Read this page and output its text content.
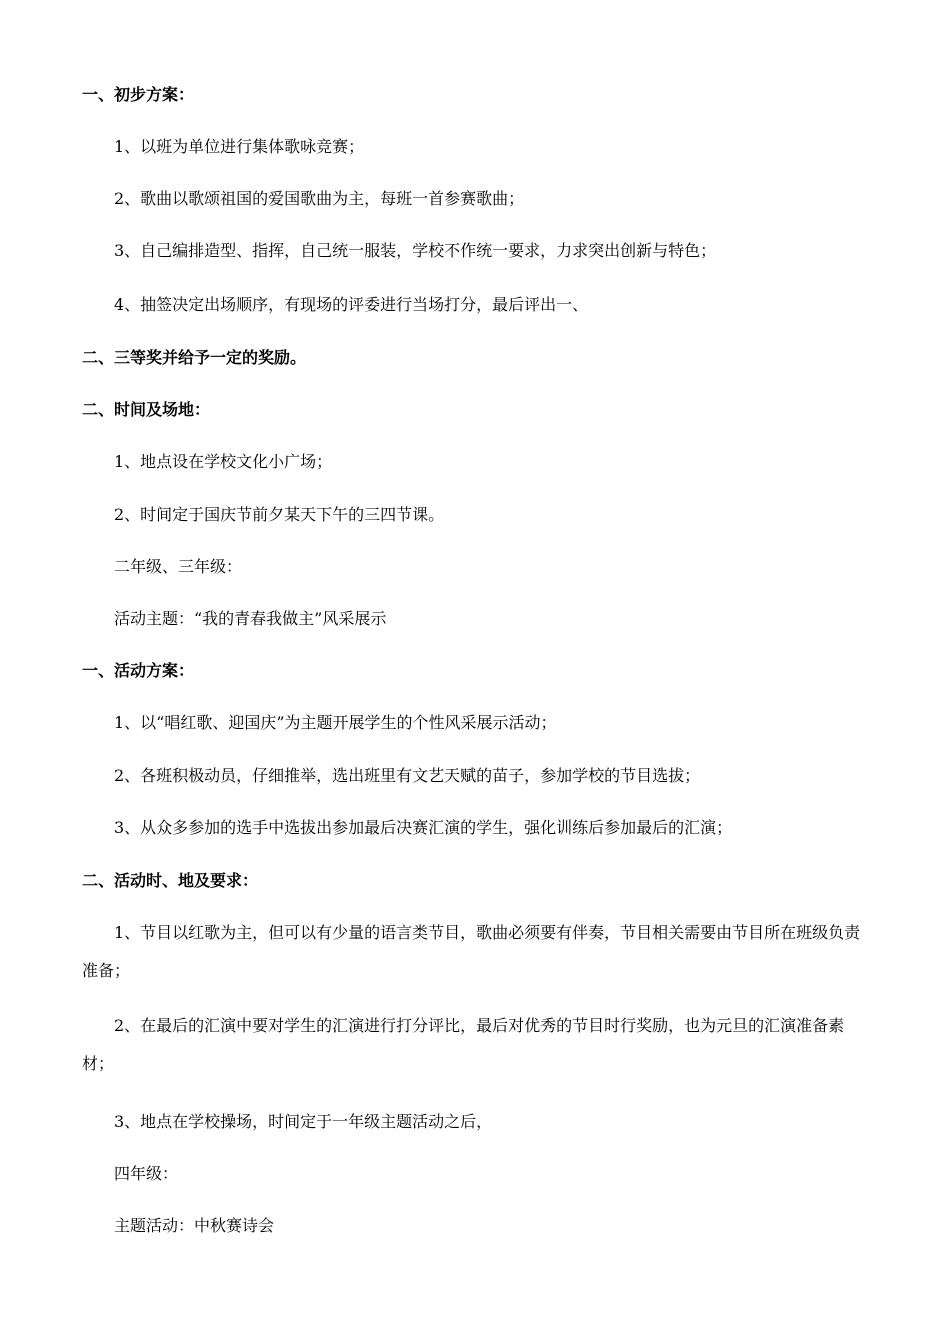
一、初步方案：
1、以班为单位进行集体歌咏竞赛；
2、歌曲以歌颂祖国的爱国歌曲为主，每班一首参赛歌曲；
3、自己编排造型、指挥，自己统一服装，学校不作统一要求，力求突出创新与特色；
4、抽签决定出场顺序，有现场的评委进行当场打分，最后评出一、
二、三等奖并给予一定的奖励。
二、时间及场地：
1、地点设在学校文化小广场；
2、时间定于国庆节前夕某天下午的三四节课。
二年级、三年级：
活动主题：“我的青春我做主”风采展示
一、活动方案：
1、以“唱红歌、迎国庆”为主题开展学生的个性风采展示活动；
2、各班积极动员，仔细推举，选出班里有文艺天赋的苗子，参加学校的节目选拔；
3、从众多参加的选手中选拔出参加最后决赛汇演的学生，强化训练后参加最后的汇演；
二、活动时、地及要求：
1、节目以红歌为主，但可以有少量的语言类节目，歌曲必须要有伴奏，节目相关需要由节目所在班级负责准备；
2、在最后的汇演中要对学生的汇演进行打分评比，最后对优秀的节目时行奖励，也为元旦的汇演准备素材；
3、地点在学校操场，时间定于一年级主题活动之后，
四年级：
主题活动：中秋赛诗会
